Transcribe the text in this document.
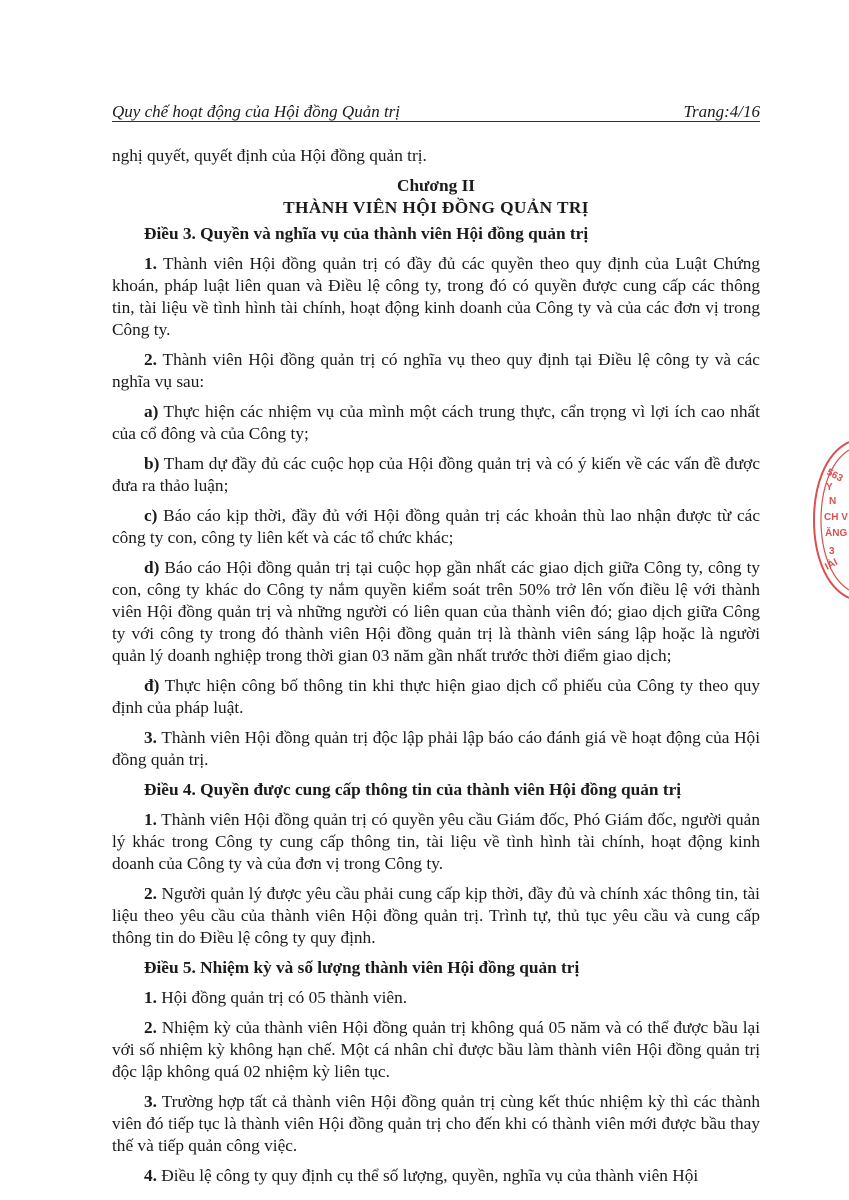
Quy chế hoạt động của Hội đồng Quản trị	Trang:4/16

nghị quyết, quyết định của Hội đồng quản trị.

Chương II

THÀNH VIÊN HỘI ĐỒNG QUẢN TRỊ

Điều 3. Quyền và nghĩa vụ của thành viên Hội đồng quản trị

1. Thành viên Hội đồng quản trị có đầy đủ các quyền theo quy định của Luật Chứng khoán, pháp luật liên quan và Điều lệ công ty, trong đó có quyền được cung cấp các thông tin, tài liệu về tình hình tài chính, hoạt động kinh doanh của Công ty và của các đơn vị trong Công ty.

2. Thành viên Hội đồng quản trị có nghĩa vụ theo quy định tại Điều lệ công ty và các nghĩa vụ sau:

a) Thực hiện các nhiệm vụ của mình một cách trung thực, cẩn trọng vì lợi ích cao nhất của cổ đông và của Công ty;

b) Tham dự đầy đủ các cuộc họp của Hội đồng quản trị và có ý kiến về các vấn đề được đưa ra thảo luận;

c) Báo cáo kịp thời, đầy đủ với Hội đồng quản trị các khoản thù lao nhận được từ các công ty con, công ty liên kết và các tổ chức khác;

d) Báo cáo Hội đồng quản trị tại cuộc họp gần nhất các giao dịch giữa Công ty, công ty con, công ty khác do Công ty nắm quyền kiểm soát trên 50% trở lên vốn điều lệ với thành viên Hội đồng quản trị và những người có liên quan của thành viên đó; giao dịch giữa Công ty với công ty trong đó thành viên Hội đồng quản trị là thành viên sáng lập hoặc là người quản lý doanh nghiệp trong thời gian 03 năm gần nhất trước thời điểm giao dịch;

đ) Thực hiện công bố thông tin khi thực hiện giao dịch cổ phiếu của Công ty theo quy định của pháp luật.

3. Thành viên Hội đồng quản trị độc lập phải lập báo cáo đánh giá về hoạt động của Hội đồng quản trị.

Điều 4. Quyền được cung cấp thông tin của thành viên Hội đồng quản trị

1. Thành viên Hội đồng quản trị có quyền yêu cầu Giám đốc, Phó Giám đốc, người quản lý khác trong Công ty cung cấp thông tin, tài liệu về tình hình tài chính, hoạt động kinh doanh của Công ty và của đơn vị trong Công ty.

2. Người quản lý được yêu cầu phải cung cấp kịp thời, đầy đủ và chính xác thông tin, tài liệu theo yêu cầu của thành viên Hội đồng quản trị. Trình tự, thủ tục yêu cầu và cung cấp thông tin do Điều lệ công ty quy định.

Điều 5. Nhiệm kỳ và số lượng thành viên Hội đồng quản trị

1. Hội đồng quản trị có 05 thành viên.

2. Nhiệm kỳ của thành viên Hội đồng quản trị không quá 05 năm và có thể được bầu lại với số nhiệm kỳ không hạn chế. Một cá nhân chỉ được bầu làm thành viên Hội đồng quản trị độc lập không quá 02 nhiệm kỳ liên tục.

3. Trường hợp tất cả thành viên Hội đồng quản trị cùng kết thúc nhiệm kỳ thì các thành viên đó tiếp tục là thành viên Hội đồng quản trị cho đến khi có thành viên mới được bầu thay thế và tiếp quản công việc.

4. Điều lệ công ty quy định cụ thể số lượng, quyền, nghĩa vụ của thành viên Hội

563
Y
N
CH V
ĂNG
3
IÀI
